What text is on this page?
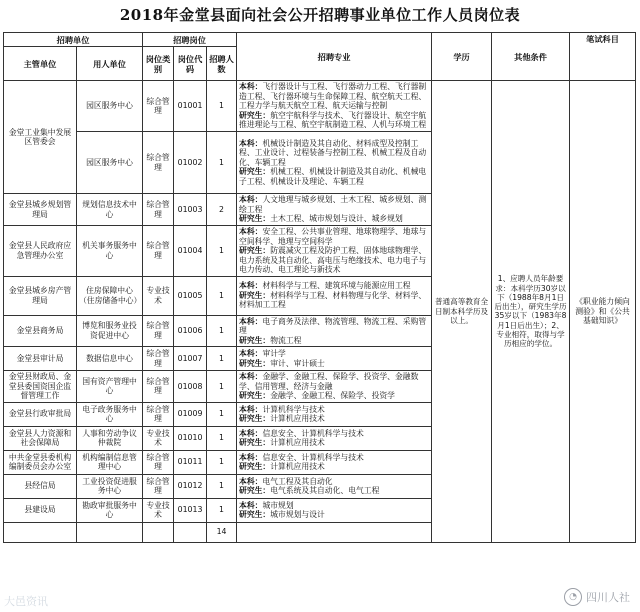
2018年金堂县面向社会公开招聘事业单位工作人员岗位表
招聘单位		招聘岗位			招聘专业	学历	其他条件	笔试科目
主管单位	用人单位	岗位类别	岗位代码	招聘人数				
金堂工业集中发展区管委会	园区服务中心	综合管理	01001	1	本科：飞行器设计与工程、飞行器动力工程、飞行器制造工程、飞行器环境与生命保障工程、航空航天工程、工程力学与航天航空工程、航天运输与控制
研究生：航空宇航科学与技术、飞行器设计、航空宇航推进理论与工程、航空宇航制造工程、人机与环境工程	普通高等教育全日制本科学历及以上。	1、应聘人员年龄要求：本科学历30岁以下（1988年8月1日后出生），研究生学历35岁以下（1983年8月1日后出生）；2、专业相符，取得与学历相应的学位。	《职业能力倾向测验》和《公共基础知识》
	园区服务中心	综合管理	01002	1	本科：机械设计制造及其自动化、材料成型及控制工程、工业设计、过程装备与控制工程、机械工程及自动化、车辆工程
研究生：机械工程、机械设计制造及其自动化、机械电子工程、机械设计及理论、车辆工程			

金堂县城乡规划管理局	规划信息技术中心	综合管理	01003	2	本科：人文地理与城乡规划、土木工程、城乡规划、测绘工程
研究生：土木工程、城市规划与设计、城乡规划			

金堂县人民政府应急管理办公室	机关事务服务中心	综合管理	01004	1	本科：安全工程、公共事业管理、地球物理学、地球与空间科学、地理与空间科学
研究生：防震减灾工程及防护工程、固体地球物理学、电力系统及其自动化、高电压与绝缘技术、电力电子与电力传动、电工理论与新技术			

金堂县城乡房产管理局	住房保障中心（住房储备中心）	专业技术	01005	1	本科：材料科学与工程、建筑环境与能源应用工程
研究生：材料科学与工程、材料物理与化学、材料学、材料加工工程			

金堂县商务局	博览和服务业投资促进中心	综合管理	01006	1	本科：电子商务及法律、物流管理、物流工程、采购管理
研究生：物流工程			

金堂县审计局	数据信息中心	综合管理	01007	1	本科：审计学
研究生：审计、审计硕士			

金堂县财政局、金堂县委国资国企监督管理工作	国有资产管理中心	综合管理	01008	1	本科：金融学、金融工程、保险学、投资学、金融数学、信用管理、经济与金融
研究生：金融学、金融工程、保险学、投资学			

金堂县行政审批局	电子政务服务中心	综合管理	01009	1	本科：计算机科学与技术
研究生：计算机应用技术			

金堂县人力资源和社会保障局	人事和劳动争议仲裁院	专业技术	01010	1	本科：信息安全、计算机科学与技术
研究生：计算机应用技术			

中共金堂县委机构编制委员会办公室	机构编制信息管理中心	综合管理	01011	1	本科：信息安全、计算机科学与技术
研究生：计算机应用技术			

县经信局	工业投资促进服务中心	综合管理	01012	1	本科：电气工程及其自动化
研究生：电气系统及其自动化、电气工程			

县建设局	勘政审批服务中心	专业技术	01013	1	本科：城市规划
研究生：城市规划与设计			

				14				
大邑资讯	◔ 四川人社
